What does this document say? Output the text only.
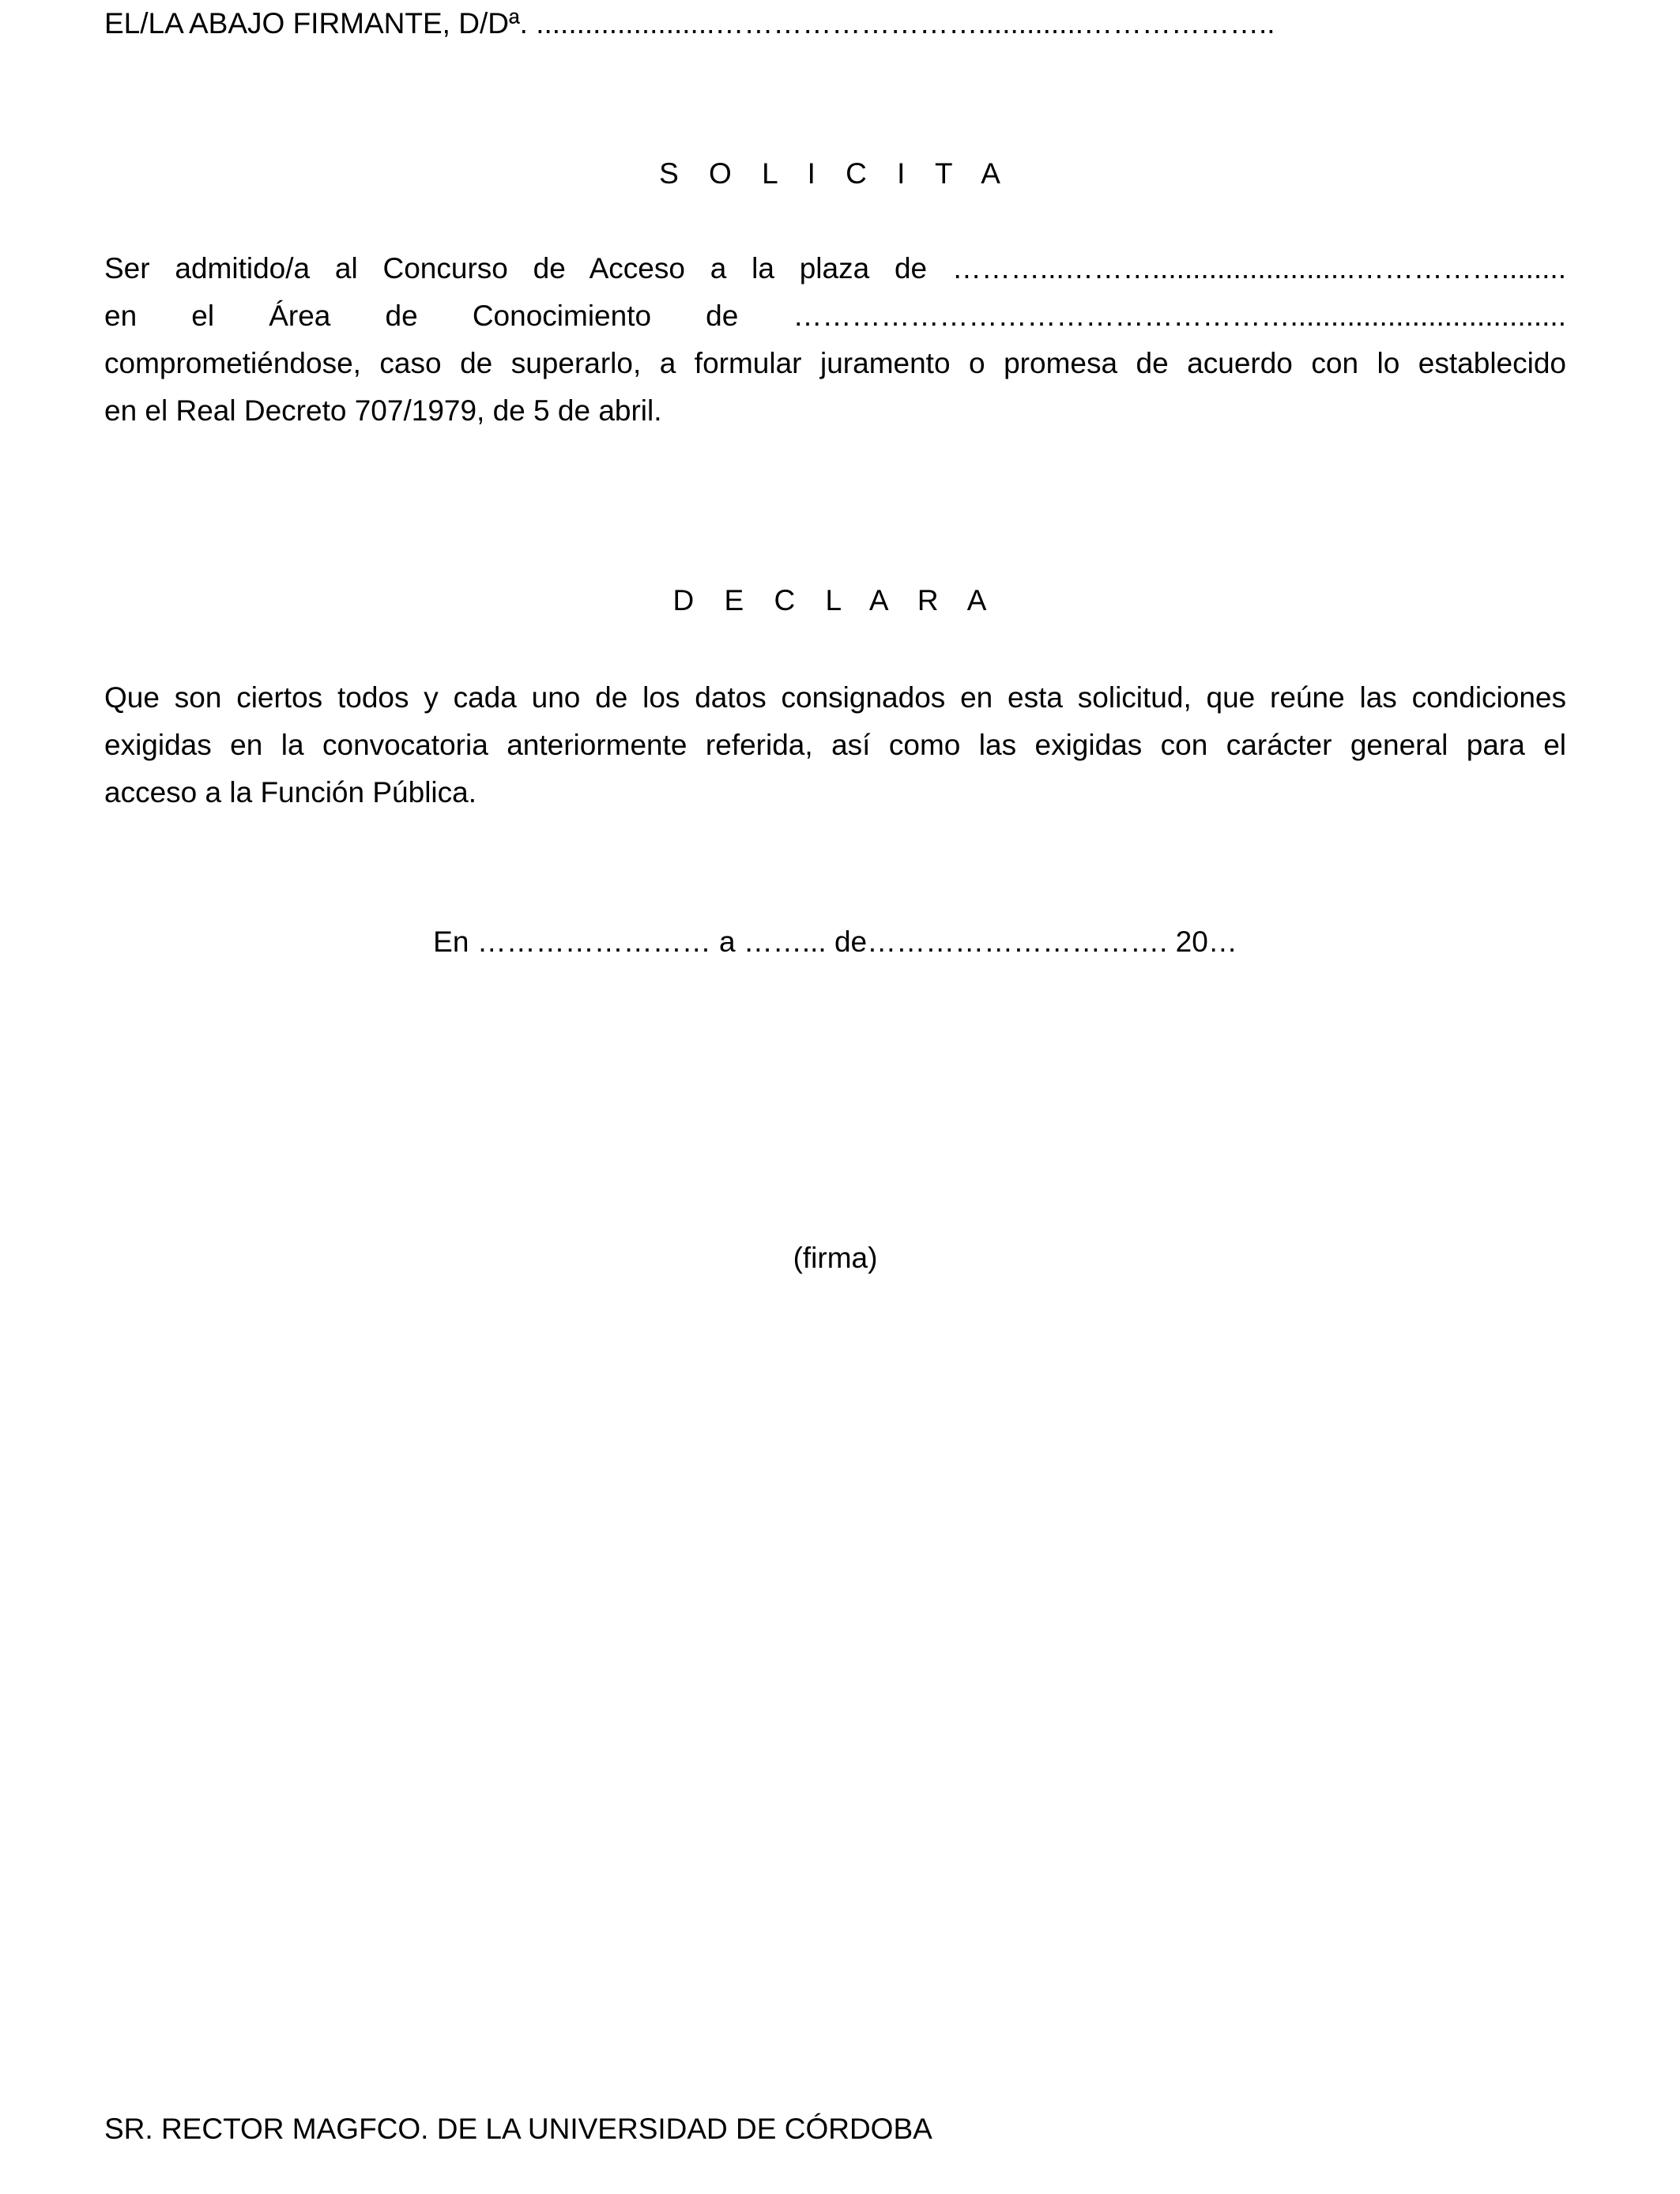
EL/LA ABAJO FIRMANTE, D/Dª. ......................……………………….............………………..
S O L I C I T A
Ser admitido/a al Concurso de Acceso a la plaza de ………...……….........................……………........
en el Área de Conocimiento de ……………………………………………..................................
comprometiéndose, caso de superarlo, a formular juramento o promesa de acuerdo con lo establecido
en el Real Decreto 707/1979, de 5 de abril.
D E C L A R A
Que son ciertos todos y cada uno de los datos consignados en esta solicitud, que reúne las condiciones
exigidas en la convocatoria anteriormente referida, así como las exigidas con carácter general para el
acceso a la Función Pública.
En …………………… a ……... de…………………………. 20…
(firma)
SR. RECTOR MAGFCO. DE LA UNIVERSIDAD DE CÓRDOBA
